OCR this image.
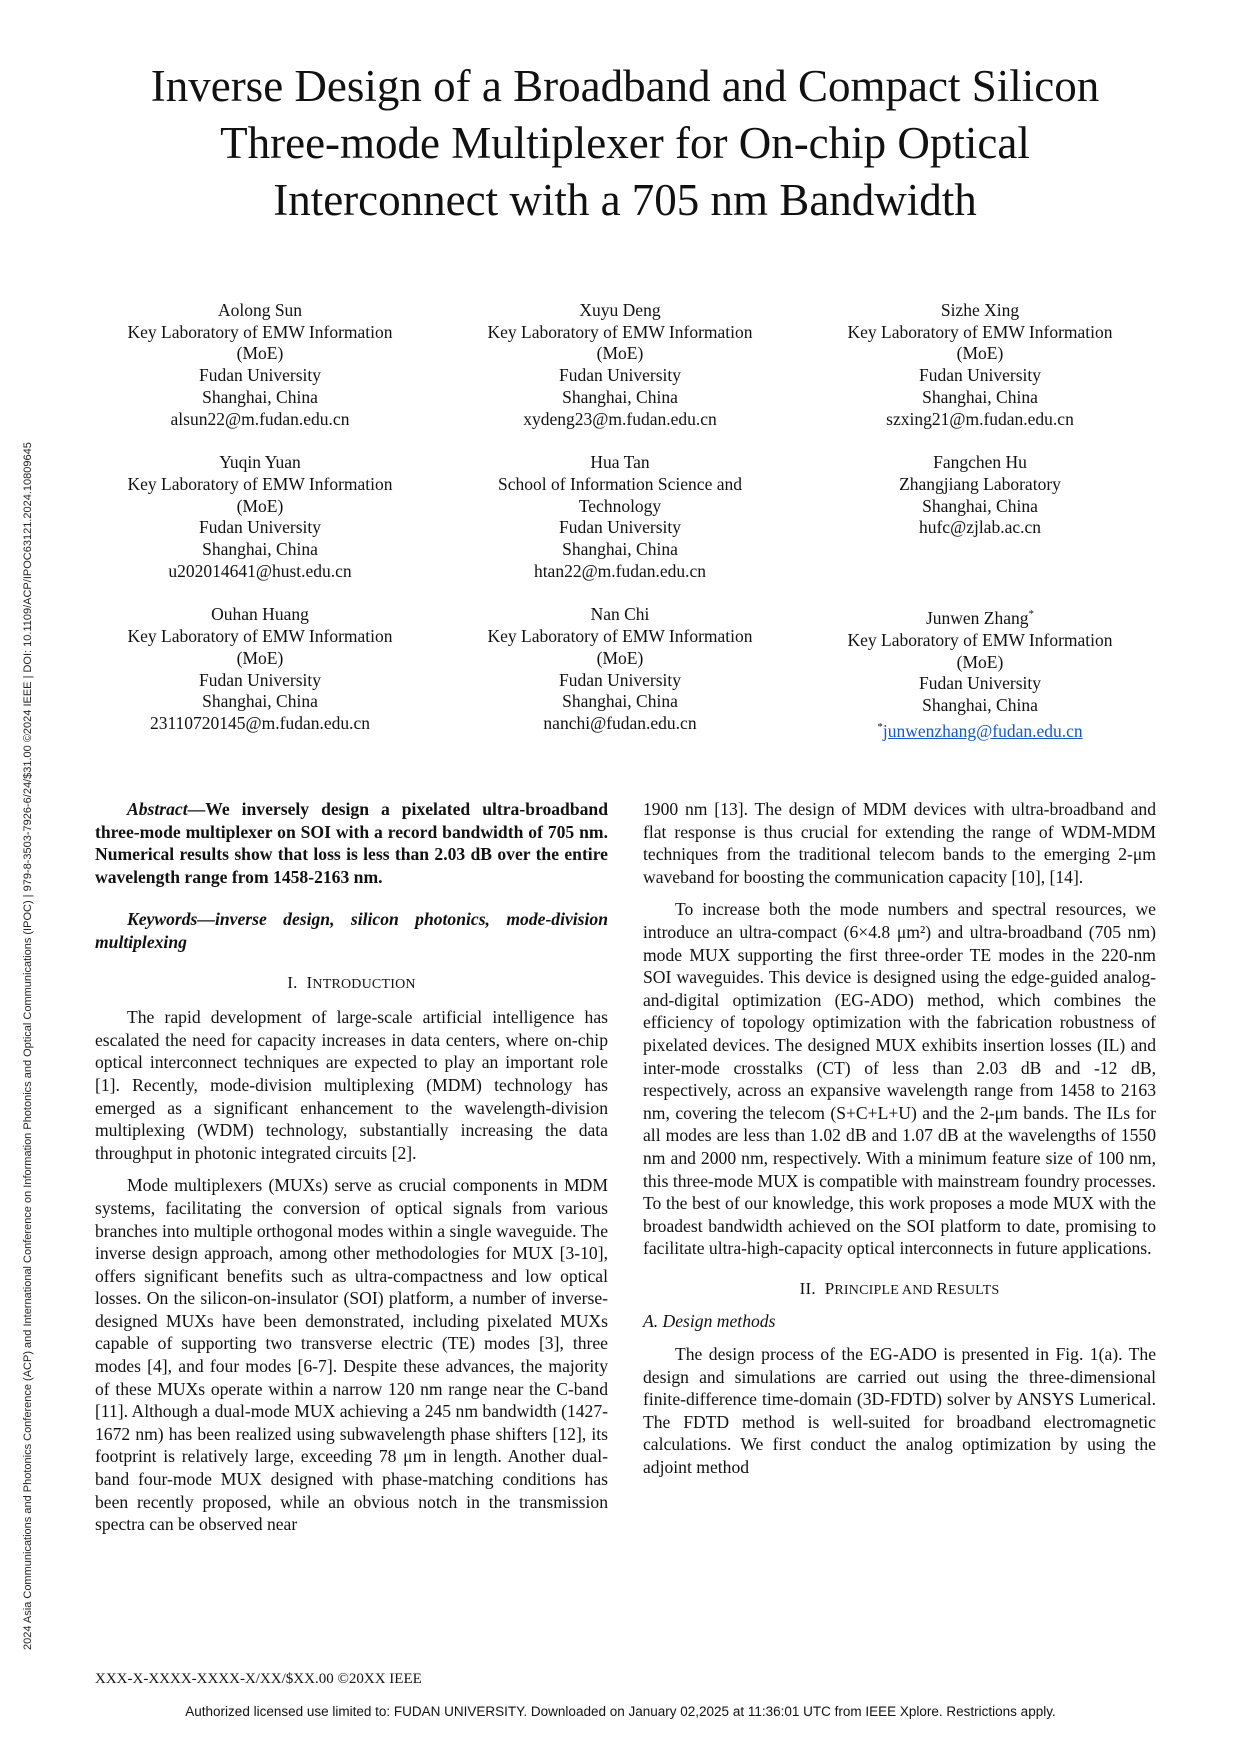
2024 Asia Communications and Photonics Conference (ACP) and International Conference on Information Photonics and Optical Communications (IPOC) | 979-8-3503-7926-6/24/$31.00 ©2024 IEEE | DOI: 10.1109/ACP/IPOC63121.2024.10809645
Inverse Design of a Broadband and Compact Silicon
Three-mode Multiplexer for On-chip Optical
Interconnect with a 705 nm Bandwidth
Aolong Sun
Key Laboratory of EMW Information
(MoE)
Fudan University
Shanghai, China
alsun22@m.fudan.edu.cn
Xuyu Deng
Key Laboratory of EMW Information
(MoE)
Fudan University
Shanghai, China
xydeng23@m.fudan.edu.cn
Sizhe Xing
Key Laboratory of EMW Information
(MoE)
Fudan University
Shanghai, China
szxing21@m.fudan.edu.cn
Yuqin Yuan
Key Laboratory of EMW Information
(MoE)
Fudan University
Shanghai, China
u202014641@hust.edu.cn
Hua Tan
School of Information Science and
Technology
Fudan University
Shanghai, China
htan22@m.fudan.edu.cn
Fangchen Hu
Zhangjiang Laboratory
Shanghai, China
hufc@zjlab.ac.cn
Ouhan Huang
Key Laboratory of EMW Information
(MoE)
Fudan University
Shanghai, China
23110720145@m.fudan.edu.cn
Nan Chi
Key Laboratory of EMW Information
(MoE)
Fudan University
Shanghai, China
nanchi@fudan.edu.cn
Junwen Zhang*
Key Laboratory of EMW Information
(MoE)
Fudan University
Shanghai, China
*junwenzhang@fudan.edu.cn

Abstract—We inversely design a pixelated ultra-broadband three-mode multiplexer on SOI with a record bandwidth of 705 nm. Numerical results show that loss is less than 2.03 dB over the entire wavelength range from 1458-2163 nm.

Keywords—inverse design, silicon photonics, mode-division multiplexing

I. INTRODUCTION

The rapid development of large-scale artificial intelligence has escalated the need for capacity increases in data centers, where on-chip optical interconnect techniques are expected to play an important role [1]. Recently, mode-division multiplexing (MDM) technology has emerged as a significant enhancement to the wavelength-division multiplexing (WDM) technology, substantially increasing the data throughput in photonic integrated circuits [2].

Mode multiplexers (MUXs) serve as crucial components in MDM systems, facilitating the conversion of optical signals from various branches into multiple orthogonal modes within a single waveguide. The inverse design approach, among other methodologies for MUX [3-10], offers significant benefits such as ultra-compactness and low optical losses. On the silicon-on-insulator (SOI) platform, a number of inverse-designed MUXs have been demonstrated, including pixelated MUXs capable of supporting two transverse electric (TE) modes [3], three modes [4], and four modes [6-7]. Despite these advances, the majority of these MUXs operate within a narrow 120 nm range near the C-band [11]. Although a dual-mode MUX achieving a 245 nm bandwidth (1427-1672 nm) has been realized using subwavelength phase shifters [12], its footprint is relatively large, exceeding 78 μm in length. Another dual-band four-mode MUX designed with phase-matching conditions has been recently proposed, while an obvious notch in the transmission spectra can be observed near

1900 nm [13]. The design of MDM devices with ultra-broadband and flat response is thus crucial for extending the range of WDM-MDM techniques from the traditional telecom bands to the emerging 2-μm waveband for boosting the communication capacity [10], [14].

To increase both the mode numbers and spectral resources, we introduce an ultra-compact (6×4.8 μm²) and ultra-broadband (705 nm) mode MUX supporting the first three-order TE modes in the 220-nm SOI waveguides. This device is designed using the edge-guided analog-and-digital optimization (EG-ADO) method, which combines the efficiency of topology optimization with the fabrication robustness of pixelated devices. The designed MUX exhibits insertion losses (IL) and inter-mode crosstalks (CT) of less than 2.03 dB and -12 dB, respectively, across an expansive wavelength range from 1458 to 2163 nm, covering the telecom (S+C+L+U) and the 2-μm bands. The ILs for all modes are less than 1.02 dB and 1.07 dB at the wavelengths of 1550 nm and 2000 nm, respectively. With a minimum feature size of 100 nm, this three-mode MUX is compatible with mainstream foundry processes. To the best of our knowledge, this work proposes a mode MUX with the broadest bandwidth achieved on the SOI platform to date, promising to facilitate ultra-high-capacity optical interconnects in future applications.

II. PRINCIPLE AND RESULTS

A. Design methods

The design process of the EG-ADO is presented in Fig. 1(a). The design and simulations are carried out using the three-dimensional finite-difference time-domain (3D-FDTD) solver by ANSYS Lumerical. The FDTD method is well-suited for broadband electromagnetic calculations. We first conduct the analog optimization by using the adjoint method

XXX-X-XXXX-XXXX-X/XX/$XX.00 ©20XX IEEE
Authorized licensed use limited to: FUDAN UNIVERSITY. Downloaded on January 02,2025 at 11:36:01 UTC from IEEE Xplore. Restrictions apply.
